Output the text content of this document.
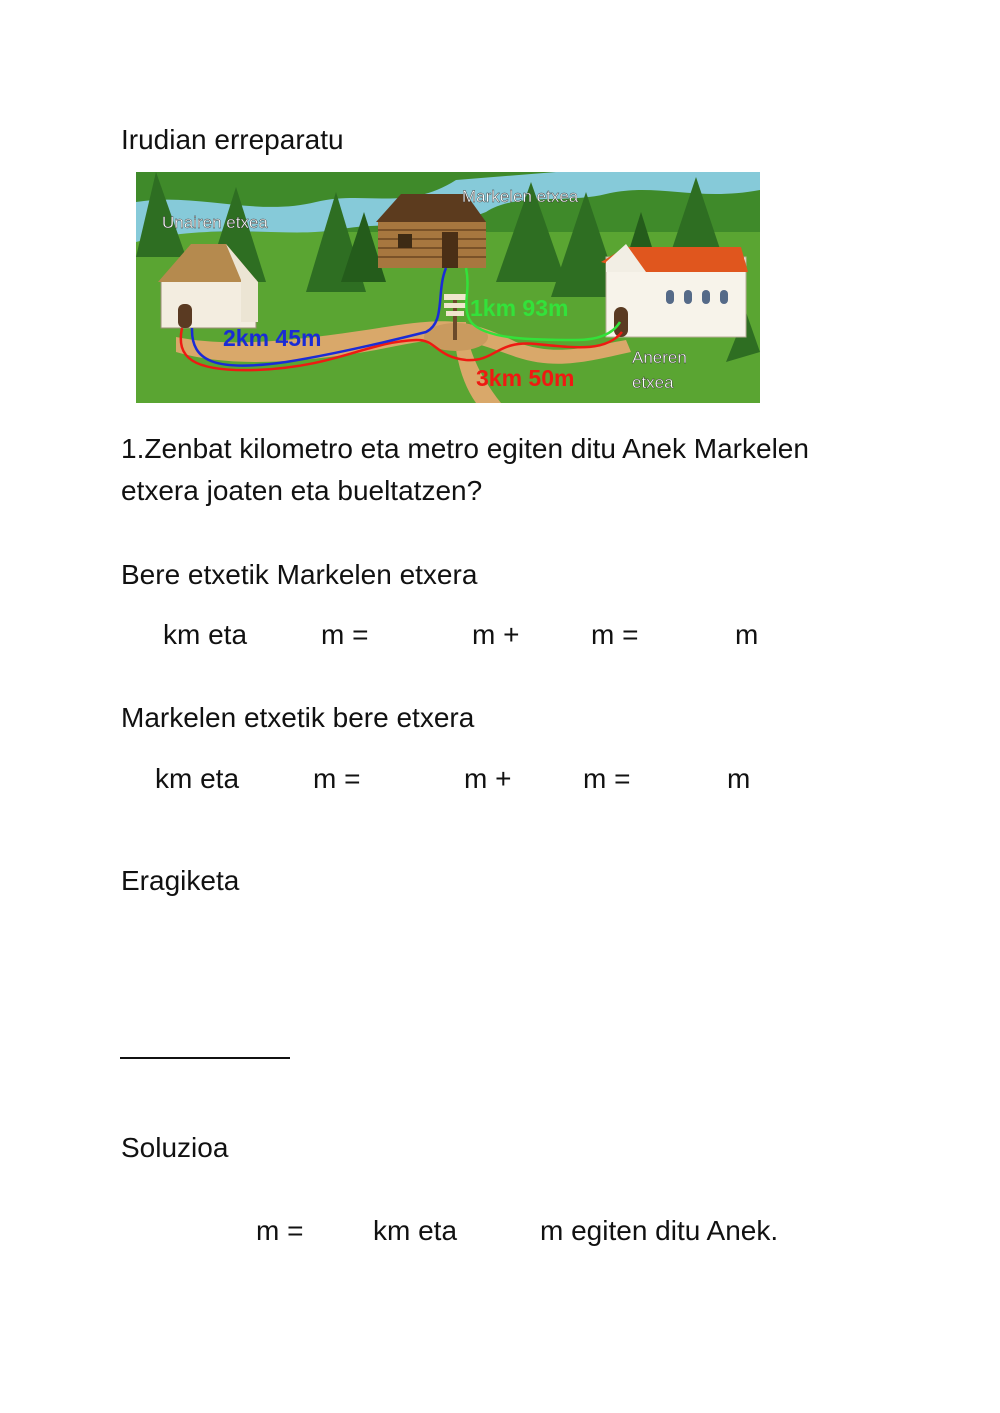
Irudian erreparatu
Unairen etxea
Markelen etxea
Aneren
etxea
2km 45m
1km 93m
3km 50m
1.Zenbat kilometro eta metro egiten ditu Anek Markelen
etxera joaten eta bueltatzen?
Bere etxetik Markelen etxera
km eta	m =	m +	m =	m
Markelen etxetik bere etxera
km eta	m =	m +	m =	m
Eragiketa
Soluzioa
m = km eta	m egiten ditu Anek.
